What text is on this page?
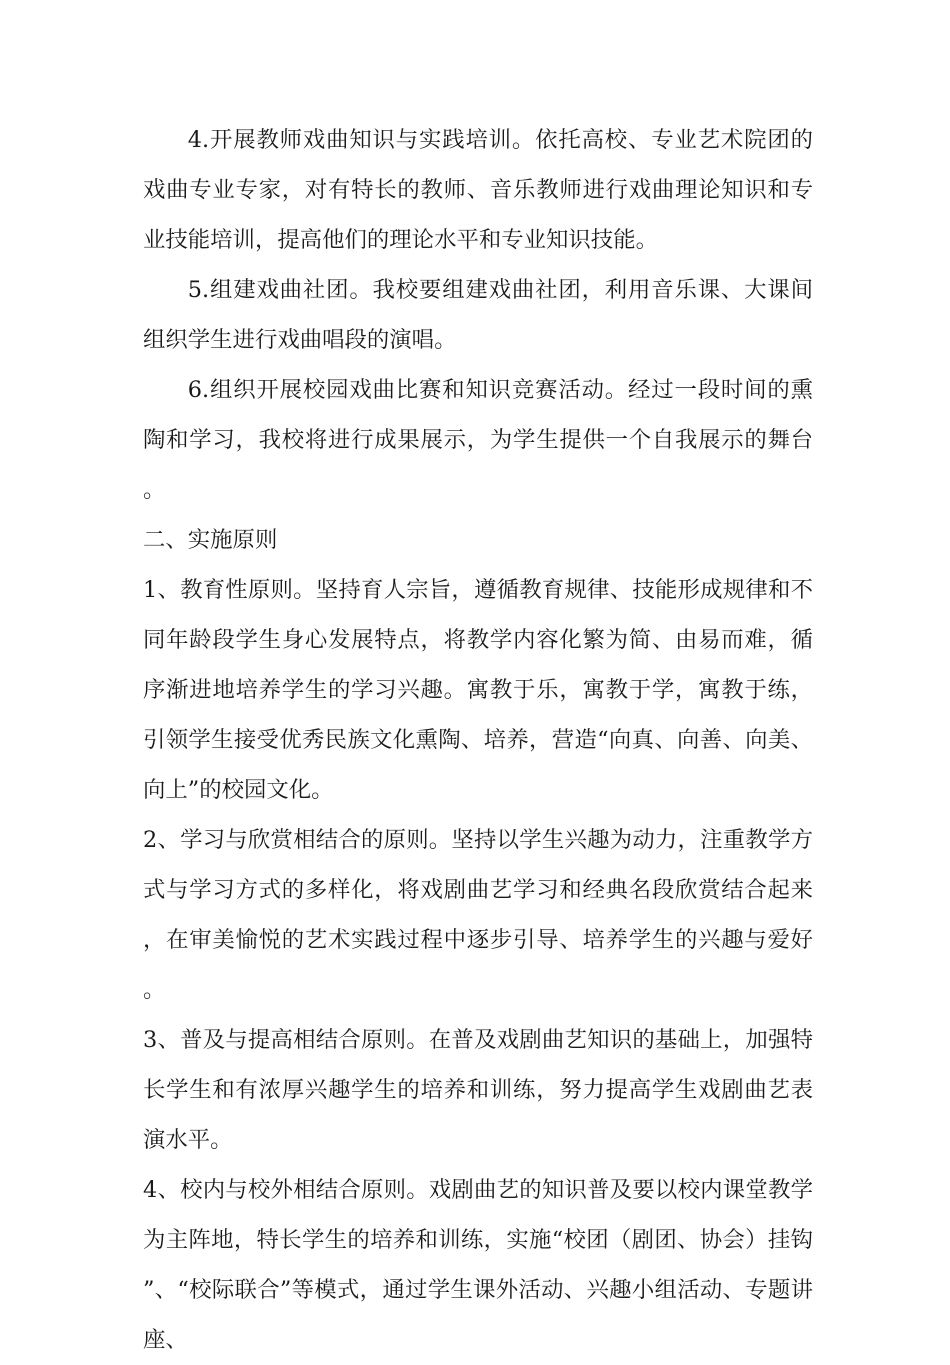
4.开展教师戏曲知识与实践培训。依托高校、专业艺术院团的戏曲专业专家，对有特长的教师、音乐教师进行戏曲理论知识和专业技能培训，提高他们的理论水平和专业知识技能。

5.组建戏曲社团。我校要组建戏曲社团，利用音乐课、大课间组织学生进行戏曲唱段的演唱。

6.组织开展校园戏曲比赛和知识竞赛活动。经过一段时间的熏陶和学习，我校将进行成果展示，为学生提供一个自我展示的舞台。

二、实施原则

1、教育性原则。坚持育人宗旨，遵循教育规律、技能形成规律和不同年龄段学生身心发展特点，将教学内容化繁为简、由易而难，循序渐进地培养学生的学习兴趣。寓教于乐，寓教于学，寓教于练，引领学生接受优秀民族文化熏陶、培养，营造“向真、向善、向美、向上”的校园文化。

2、学习与欣赏相结合的原则。坚持以学生兴趣为动力，注重教学方式与学习方式的多样化，将戏剧曲艺学习和经典名段欣赏结合起来，在审美愉悦的艺术实践过程中逐步引导、培养学生的兴趣与爱好。

3、普及与提高相结合原则。在普及戏剧曲艺知识的基础上，加强特长学生和有浓厚兴趣学生的培养和训练，努力提高学生戏剧曲艺表演水平。

4、校内与校外相结合原则。戏剧曲艺的知识普及要以校内课堂教学为主阵地，特长学生的培养和训练，实施“校团（剧团、协会）挂钩”、“校际联合”等模式，通过学生课外活动、兴趣小组活动、专题讲座、
